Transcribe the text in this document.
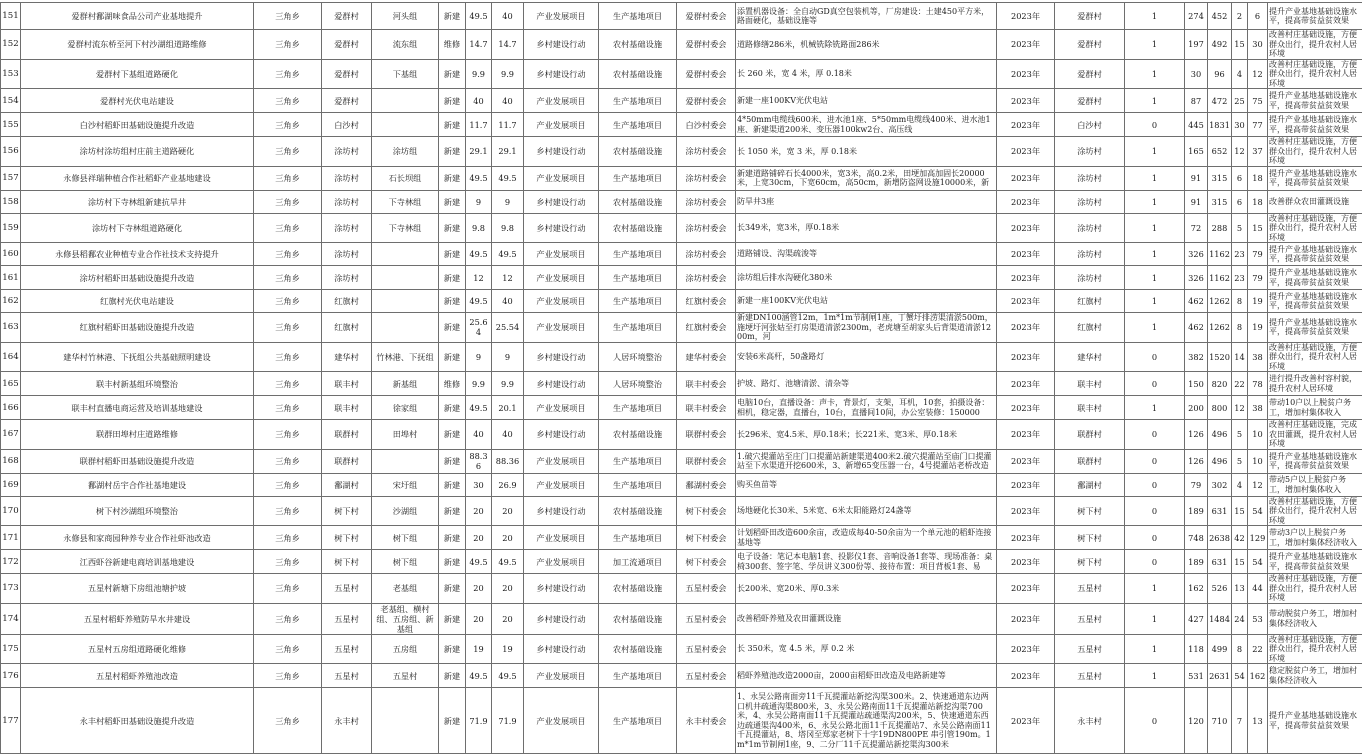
151	爱群村鄱湖味食品公司产业基地提升	三角乡	爱群村	河头组	新建	49.5	40	产业发展项目	生产基地项目	爱群村委会	添置机器设备：全自动GD真空包装机等，厂房建设：土建450平方米，路面硬化，基础设施等	2023年	爱群村	1	274	452	2	6	提升产业基地基础设施水平，提高带贫益贫效果
152	爱群村流东桥至河下村沙湖组道路维修	三角乡	爱群村	流东组	维修	14.7	14.7	乡村建设行动	农村基础设施	爱群村委会	道路修缮286米，机械铣除铣路面286米	2023年	爱群村	1	197	492	15	30	改善村庄基础设施，方便群众出行，提升农村人居环境
153	爱群村下基组道路硬化	三角乡	爱群村	下基组	新建	9.9	9.9	乡村建设行动	农村基础设施	爱群村委会	长 260 米，宽 4 米，厚 0.18米	2023年	爱群村	1	30	96	4	12	改善村庄基础设施，方便群众出行，提升农村人居环境
154	爱群村光伏电站建设	三角乡	爱群村		新建	40	40	产业发展项目	生产基地项目	爱群村委会	新建一座100KV光伏电站	2023年	爱群村	1	87	472	25	75	提升产业基地基础设施水平，提高带贫益贫效果
155	白沙村稻虾田基础设施提升改造	三角乡	白沙村		新建	11.7	11.7	产业发展项目	生产基地项目	白沙村委会	4*50mm电缆线600米、进水池1座、5*50mm电缆线400米、进水池1座、新建渠道200米、变压器100kw2台、高压线	2023年	白沙村	0	445	1831	30	77	提升产业基地基础设施水平，提高带贫益贫效果
156	涂坊村涂坊组村庄前主道路硬化	三角乡	涂坊村	涂坊组	新建	29.1	29.1	乡村建设行动	农村基础设施	涂坊村委会	长 1050 米，宽 3 米，厚 0.18米	2023年	涂坊村	1	165	652	12	37	改善村庄基础设施，方便群众出行，提升农村人居环境
157	永修县祥瑞种植合作社稻虾产业基地建设	三角乡	涂坊村	石长坝组	新建	49.5	49.5	产业发展项目	生产基地项目	涂坊村委会	新建道路铺碎石长4000米，宽3米，高0.2米，田埂加高加固长20000米，上宽30cm，下宽60cm，高50cm，新增防盗网设施10000米，新	2023年	涂坊村	1	91	315	6	18	提升产业基地基础设施水平，提高带贫益贫效果
158	涂坊村下寺林组新建抗旱井	三角乡	涂坊村	下寺林组	新建	9	9	乡村建设行动	农村基础设施	涂坊村委会	防旱井3座	2023年	涂坊村	1	91	315	6	18	改善群众农田灌溉设施
159	涂坊村下寺林组道路硬化	三角乡	涂坊村	下寺林组	新建	9.8	9.8	乡村建设行动	农村基础设施	涂坊村委会	长349米，宽3米，厚0.18米	2023年	涂坊村	1	72	288	5	15	改善村庄基础设施，方便群众出行，提升农村人居环境
160	永修县稻鄱农业种植专业合作社技术支持提升	三角乡	涂坊村		新建	49.5	49.5	产业发展项目	生产基地项目	涂坊村委会	道路铺设、沟渠疏浚等	2023年	涂坊村	1	326	1162	23	79	提升产业基地基础设施水平，提高带贫益贫效果
161	涂坊村稻虾田基础设施提升改造	三角乡	涂坊村		新建	12	12	产业发展项目	生产基地项目	涂坊村委会	涂坊组后排水沟硬化380米	2023年	涂坊村	1	326	1162	23	79	提升产业基地基础设施水平，提高带贫益贫效果
162	红旗村光伏电站建设	三角乡	红旗村		新建	49.5	40	产业发展项目	生产基地项目	红旗村委会	新建一座100KV光伏电站	2023年	红旗村	1	462	1262	8	19	提升产业基地基础设施水平，提高带贫益贫效果
163	红旗村稻虾田基础设施提升改造	三角乡	红旗村		新建	25.64	25.54	产业发展项目	生产基地项目	红旗村委会	新建DN100涵管12m，1m*1m节制闸1座，丁蟹圩排涝渠清淤500m，施埂圩河张姑至打房渠道清淤2300m，老虎塘至胡家头后背渠道清淤1200m，河	2023年	红旗村	1	462	1262	8	19	提升产业基地基础设施水平，提高带贫益贫效果
164	建华村竹林港、下抚组公共基础照明建设	三角乡	建华村	竹林港、下抚组	新建	9	9	乡村建设行动	人居环境整治	建华村委会	安装6米高杆，50盏路灯	2023年	建华村	0	382	1520	14	38	改善村庄基础设施，方便群众出行，提升农村人居环境
165	联丰村新基组环境整治	三角乡	联丰村	新基组	维修	9.9	9.9	乡村建设行动	人居环境整治	联丰村委会	护坡、路灯、池塘清淤、清杂等	2023年	联丰村	0	150	820	22	78	进行提升改善村容村貌，提升农村人居环境
166	联丰村直播电商运营及培训基地建设	三角乡	联丰村	徐家组	新建	49.5	20.1	产业发展项目	生产基地项目	联丰村委会	电脑10台，直播设备：声卡，背景灯，支架，耳机，10套，拍摄设备：相机，稳定器，直播台，10台，直播间10间，办公室装修：150000	2023年	联丰村	1	200	800	12	38	带动10户以上脱贫户务工，增加村集体收入
167	联群田埠村庄道路维修	三角乡	联群村	田埠村	新建	40	40	乡村建设行动	农村基础设施	联群村委会	长296米、宽4.5米、厚0.18米；长221米、宽3米、厚0.18米	2023年	联群村	0	126	496	5	10	改善村庄基础设施，完成农田灌溉，提升农村人居环境
168	联群村稻虾田基础设施提升改造	三角乡	联群村		新建	88.36	88.36	产业发展项目	生产基地项目	联群村委会	1.破穴提灌站至庄门口提灌站新建渠道400米2.破穴提灌站至庙门口提灌站至下水渠道开挖600米，3、新增65变压器一台，4号提灌站老桥改造	2023年	联群村	0	126	496	5	10	提升产业基地基础设施水平，提高带贫益贫效果
169	鄱湖村岳宇合作社基地建设	三角乡	鄱湖村	宋圩组	新建	30	26.9	产业发展项目	生产基地项目	鄱湖村委会	购买鱼苗等	2023年	鄱湖村	0	79	302	4	12	带动5户以上脱贫户务工，增加村集体收入
170	树下村沙湖组环境整治	三角乡	树下村	沙湖组	新建	20	20	乡村建设行动	农村基础设施	树下村委会	场地硬化长30米、5米宽、6米太阳能路灯24盏等	2023年	树下村	0	189	631	15	54	改善村庄基础设施，方便群众出行，提升农村人居环境
171	永修县和家商园种养专业合作社虾池改造	三角乡	树下村	树下组	新建	20	20	产业发展项目	生产基地项目	树下村委会	计划稻虾田改造600余亩，改造成每40-50余亩为一个单元池的稻虾连接基地等	2023年	树下村	0	748	2638	42	129	带动3户以上脱贫户务工，增加村集体经济收入
172	江西虾谷新建电商培训基地建设	三角乡	树下村	树下组	新建	49.5	49.5	产业发展项目	加工流通项目	树下村委会	电子设备：笔记本电脑1套、投影仪1套、音响设备1套等、现场准备：桌椅300套、签字笔、学员讲义300份等、接待布置：项目背板1套、易	2023年	树下村	0	189	631	15	54	提升产业基地基础设施水平，提高带贫益贫效果
173	五星村新塘下房组池塘护坡	三角乡	五星村	老基组	新建	20	20	乡村建设行动	农村基础设施	五星村委会	长200米、宽20米、厚0.3米	2023年	五星村	1	162	526	13	44	改善村庄基础设施，方便群众出行，提升农村人居环境
174	五星村稻虾养殖防旱水井建设	三角乡	五星村	老基组、横村组、五房组、新基组	新建	20	20	乡村建设行动	农村基础设施	五星村委会	改善稻虾养殖及农田灌溉设施	2023年	五星村	1	427	1484	24	53	带动脱贫户务工，增加村集体经济收入
175	五星村五房组道路硬化维修	三角乡	五星村	五房组	新建	19	19	乡村建设行动	农村基础设施	五星村委会	长 350米，宽 4.5 米，厚 0.2 米	2023年	五星村	1	118	499	8	22	改善村庄基础设施，方便群众出行，提升农村人居环境
176	五星村稻虾养殖池改造	三角乡	五星村	五星村	新建	49.5	49.5	产业发展项目	生产基地项目	五星村委会	稻虾养殖池改造2000亩，2000亩稻虾田改造及电路新建等	2023年	五星村	1	531	2631	54	162	稳定脱贫户务工，增加村集体经济收入
177	永丰村稻虾田基础设施提升改造	三角乡	永丰村		新建	71.9	71.9	产业发展项目	生产基地项目	永丰村委会	1、永吴公路南面旁11千瓦提灌站新挖沟渠300米。2、快速通道东边两口机井疏通沟渠800米，3、永吴公路南面11千瓦提灌站新挖沟渠700米，4、永吴公路南面11千瓦提灌站疏通渠沟200米，5、快速通道东西边疏通渠沟400米，6、永吴公路北面11千瓦提灌站7、永吴公路南面11千瓦提灌站，8、塔冈至郑家老树下十字19DN800PE 串引管190m。1m*1m节制闸1座，9、二分厂11千瓦提灌站新挖渠沟300米	2023年	永丰村	0	120	710	7	13	提升产业基地基础设施水平，提高带贫益贫效果
